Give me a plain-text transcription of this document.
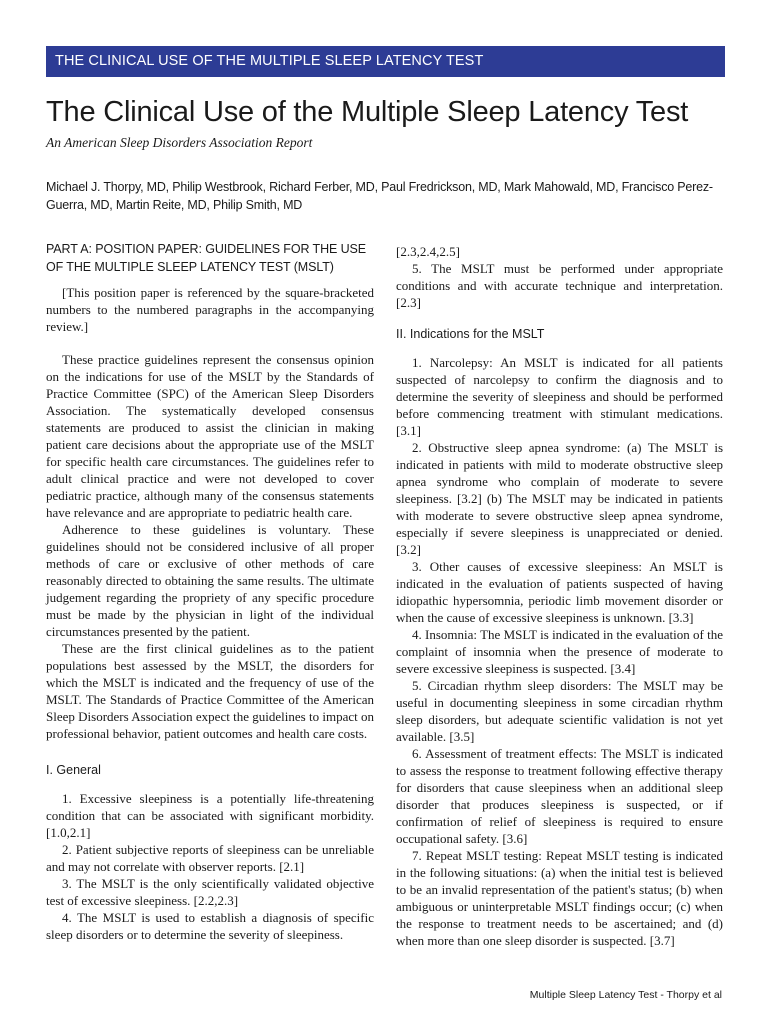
THE CLINICAL USE OF THE MULTIPLE SLEEP LATENCY TEST
The Clinical Use of the Multiple Sleep Latency Test
An American Sleep Disorders Association Report
Michael J. Thorpy, MD, Philip Westbrook, Richard Ferber, MD, Paul Fredrickson, MD, Mark Mahowald, MD, Francisco Perez-Guerra, MD, Martin Reite, MD, Philip Smith, MD
PART A: POSITION PAPER: GUIDELINES FOR THE USE OF THE MULTIPLE SLEEP LATENCY TEST (MSLT)

[This position paper is referenced by the square-bracketed numbers to the numbered paragraphs in the accompanying review.]

These practice guidelines represent the consensus opinion on the indications for use of the MSLT by the Standards of Practice Committee (SPC) of the American Sleep Disorders Association. The systematically developed consensus statements are produced to assist the clinician in making patient care decisions about the appropriate use of the MSLT for specific health care circumstances. The guidelines refer to adult clinical practice and were not developed to cover pediatric practice, although many of the consensus statements have relevance and are appropriate to pediatric health care.

Adherence to these guidelines is voluntary. These guidelines should not be considered inclusive of all proper methods of care or exclusive of other methods of care reasonably directed to obtaining the same results. The ultimate judgement regarding the propriety of any specific procedure must be made by the physician in light of the individual circumstances presented by the patient.

These are the first clinical guidelines as to the patient populations best assessed by the MSLT, the disorders for which the MSLT is indicated and the frequency of use of the MSLT. The Standards of Practice Committee of the American Sleep Disorders Association expect the guidelines to impact on professional behavior, patient outcomes and health care costs.

I. General

1. Excessive sleepiness is a potentially life-threatening condition that can be associated with significant morbidity. [1.0,2.1]

2. Patient subjective reports of sleepiness can be unreliable and may not correlate with observer reports. [2.1]

3. The MSLT is the only scientifically validated objective test of excessive sleepiness. [2.2,2.3]

4. The MSLT is used to establish a diagnosis of specific sleep disorders or to determine the severity of sleepiness.

[2.3,2.4,2.5]

5. The MSLT must be performed under appropriate conditions and with accurate technique and interpretation. [2.3]

II. Indications for the MSLT

1. Narcolepsy: An MSLT is indicated for all patients suspected of narcolepsy to confirm the diagnosis and to determine the severity of sleepiness and should be performed before commencing treatment with stimulant medications. [3.1]

2. Obstructive sleep apnea syndrome: (a) The MSLT is indicated in patients with mild to moderate obstructive sleep apnea syndrome who complain of moderate to severe sleepiness. [3.2] (b) The MSLT may be indicated in patients with moderate to severe obstructive sleep apnea syndrome, especially if severe sleepiness is unappreciated or denied. [3.2]

3. Other causes of excessive sleepiness: An MSLT is indicated in the evaluation of patients suspected of having idiopathic hypersomnia, periodic limb movement disorder or when the cause of excessive sleepiness is unknown. [3.3]

4. Insomnia: The MSLT is indicated in the evaluation of the complaint of insomnia when the presence of moderate to severe excessive sleepiness is suspected. [3.4]

5. Circadian rhythm sleep disorders: The MSLT may be useful in documenting sleepiness in some circadian rhythm sleep disorders, but adequate scientific validation is not yet available. [3.5]

6. Assessment of treatment effects: The MSLT is indicated to assess the response to treatment following effective therapy for disorders that cause sleepiness when an additional sleep disorder that produces sleepiness is suspected, or if confirmation of relief of sleepiness is required to ensure occupational safety. [3.6]

7. Repeat MSLT testing: Repeat MSLT testing is indicated in the following situations: (a) when the initial test is believed to be an invalid representation of the patient's status; (b) when ambiguous or uninterpretable MSLT findings occur; (c) when the response to treatment needs to be ascertained; and (d) when more than one sleep disorder is suspected. [3.7]

Multiple Sleep Latency Test - Thorpy et al
